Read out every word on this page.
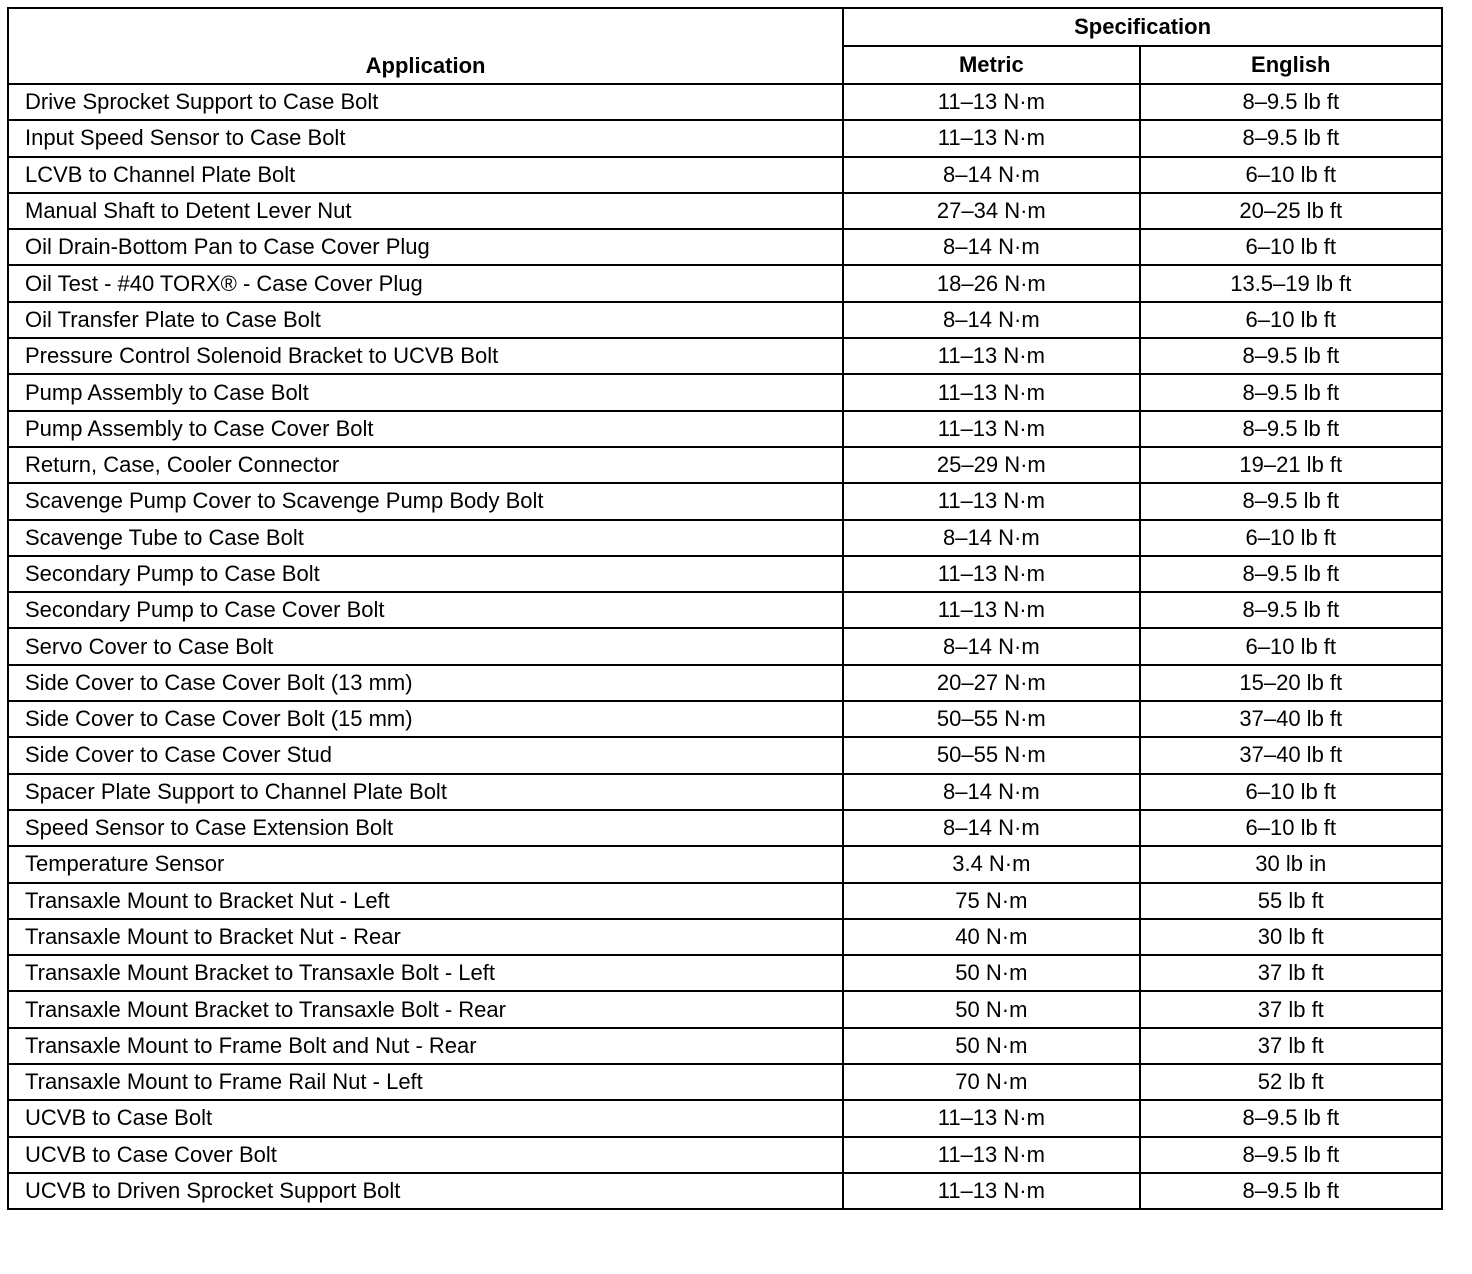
Application	Specification	
	Metric	English
Drive Sprocket Support to Case Bolt	11–13 N·m	8–9.5 lb ft
Input Speed Sensor to Case Bolt	11–13 N·m	8–9.5 lb ft
LCVB to Channel Plate Bolt	8–14 N·m	6–10 lb ft
Manual Shaft to Detent Lever Nut	27–34 N·m	20–25 lb ft
Oil Drain-Bottom Pan to Case Cover Plug	8–14 N·m	6–10 lb ft
Oil Test - #40 TORX® - Case Cover Plug	18–26 N·m	13.5–19 lb ft
Oil Transfer Plate to Case Bolt	8–14 N·m	6–10 lb ft
Pressure Control Solenoid Bracket to UCVB Bolt	11–13 N·m	8–9.5 lb ft
Pump Assembly to Case Bolt	11–13 N·m	8–9.5 lb ft
Pump Assembly to Case Cover Bolt	11–13 N·m	8–9.5 lb ft
Return, Case, Cooler Connector	25–29 N·m	19–21 lb ft
Scavenge Pump Cover to Scavenge Pump Body Bolt	11–13 N·m	8–9.5 lb ft
Scavenge Tube to Case Bolt	8–14 N·m	6–10 lb ft
Secondary Pump to Case Bolt	11–13 N·m	8–9.5 lb ft
Secondary Pump to Case Cover Bolt	11–13 N·m	8–9.5 lb ft
Servo Cover to Case Bolt	8–14 N·m	6–10 lb ft
Side Cover to Case Cover Bolt (13 mm)	20–27 N·m	15–20 lb ft
Side Cover to Case Cover Bolt (15 mm)	50–55 N·m	37–40 lb ft
Side Cover to Case Cover Stud	50–55 N·m	37–40 lb ft
Spacer Plate Support to Channel Plate Bolt	8–14 N·m	6–10 lb ft
Speed Sensor to Case Extension Bolt	8–14 N·m	6–10 lb ft
Temperature Sensor	3.4 N·m	30 lb in
Transaxle Mount to Bracket Nut - Left	75 N·m	55 lb ft
Transaxle Mount to Bracket Nut - Rear	40 N·m	30 lb ft
Transaxle Mount Bracket to Transaxle Bolt - Left	50 N·m	37 lb ft
Transaxle Mount Bracket to Transaxle Bolt - Rear	50 N·m	37 lb ft
Transaxle Mount to Frame Bolt and Nut - Rear	50 N·m	37 lb ft
Transaxle Mount to Frame Rail Nut - Left	70 N·m	52 lb ft
UCVB to Case Bolt	11–13 N·m	8–9.5 lb ft
UCVB to Case Cover Bolt	11–13 N·m	8–9.5 lb ft
UCVB to Driven Sprocket Support Bolt	11–13 N·m	8–9.5 lb ft
